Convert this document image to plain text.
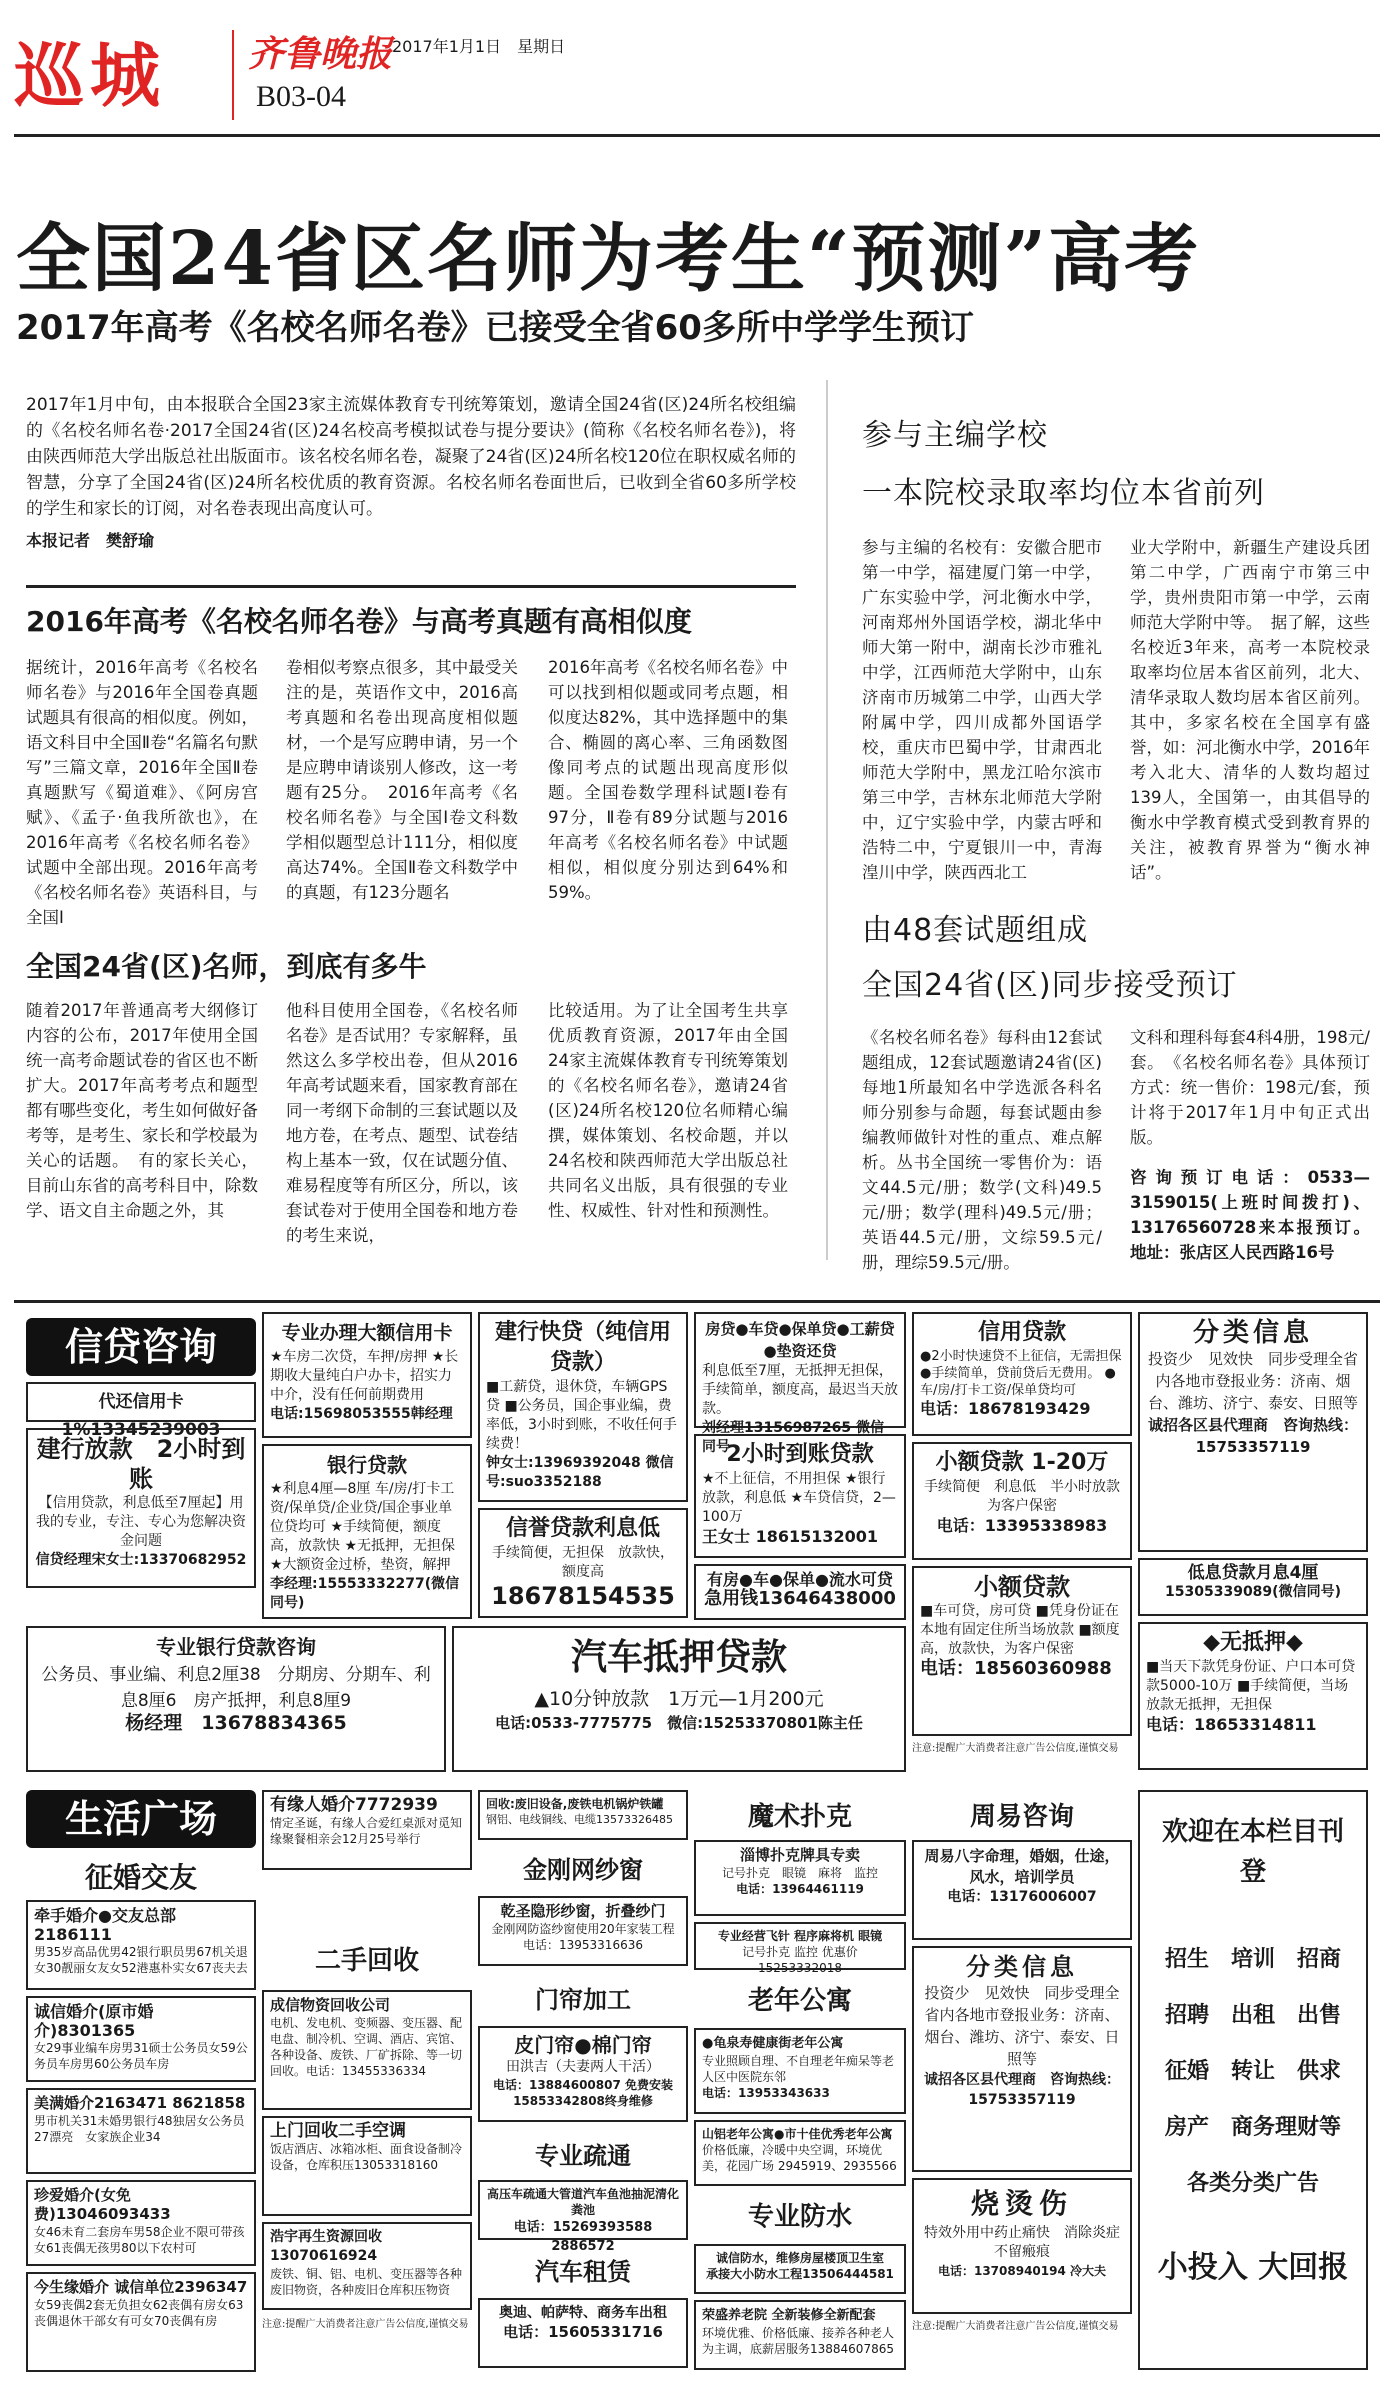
巡城 齐鲁晚报 2017年1月1日　星期日
B03-04
全国24省区名师为考生“预测”高考
2017年高考《名校名师名卷》已接受全省60多所中学学生预订
2017年1月中旬，由本报联合全国23家主流媒体教育专刊统筹策划，邀请全国24省(区)24所名校组编的《名校名师名卷·2017全国24省(区)24名校高考模拟试卷与提分要诀》(简称《名校名师名卷》)，将由陕西师范大学出版总社出版面市。该名校名师名卷，凝聚了24省(区)24所名校120位在职权威名师的智慧，分享了全国24省(区)24所名校优质的教育资源。名校名师名卷面世后，已收到全省60多所学校的学生和家长的订阅，对名卷表现出高度认可。
本报记者　樊舒瑜
2016年高考《名校名师名卷》与高考真题有高相似度
据统计，2016年高考《名校名师名卷》与2016年全国卷真题试题具有很高的相似度。例如，语文科目中全国Ⅱ卷“名篇名句默写”三篇文章，2016年全国Ⅱ卷真题默写《蜀道难》、《阿房宫赋》、《孟子·鱼我所欲也》，在2016年高考《名校名师名卷》试题中全部出现。2016年高考《名校名师名卷》英语科目，与全国Ⅰ
卷相似考察点很多，其中最受关注的是，英语作文中，2016高考真题和名卷出现高度相似题材，一个是写应聘申请，另一个是应聘申请谈别人修改，这一考题有25分。　2016年高考《名校名师名卷》与全国Ⅰ卷文科数学相似题型总计111分，相似度高达74%。全国Ⅱ卷文科数学中的真题，有123分题名
2016年高考《名校名师名卷》中可以找到相似题或同考点题，相似度达82%，其中选择题中的集合、椭圆的离心率、三角函数图像同考点的试题出现高度形似题。全国卷数学理科试题Ⅰ卷有97分，Ⅱ卷有89分试题与2016年高考《名校名师名卷》中试题相似，相似度分别达到64%和59%。
全国24省(区)名师，到底有多牛
随着2017年普通高考大纲修订内容的公布，2017年使用全国统一高考命题试卷的省区也不断扩大。2017年高考考点和题型都有哪些变化，考生如何做好备考等，是考生、家长和学校最为关心的话题。　有的家长关心，目前山东省的高考科目中，除数学、语文自主命题之外，其
他科目使用全国卷，《名校名师名卷》是否试用？专家解释，虽然这么多学校出卷，但从2016年高考试题来看，国家教育部在同一考纲下命制的三套试题以及地方卷，在考点、题型、试卷结构上基本一致，仅在试题分值、难易程度等有所区分，所以，该套试卷对于使用全国卷和地方卷的考生来说，
比较适用。为了让全国考生共享优质教育资源，2017年由全国24家主流媒体教育专刊统筹策划的《名校名师名卷》，邀请24省(区)24所名校120位名师精心编撰，媒体策划、名校命题，并以24名校和陕西师范大学出版总社共同名义出版，具有很强的专业性、权威性、针对性和预测性。
参与主编学校
一本院校录取率均位本省前列
参与主编的名校有：安徽合肥市第一中学，福建厦门第一中学，广东实验中学，河北衡水中学，河南郑州外国语学校，湖北华中师大第一附中，湖南长沙市雅礼中学，江西师范大学附中，山东济南市历城第二中学，山西大学附属中学，四川成都外国语学校，重庆市巴蜀中学，甘肃西北师范大学附中，黑龙江哈尔滨市第三中学，吉林东北师范大学附中，辽宁实验中学，内蒙古呼和浩特二中，宁夏银川一中，青海湟川中学，陕西西北工
业大学附中，新疆生产建设兵团第二中学，广西南宁市第三中学，贵州贵阳市第一中学，云南师范大学附中等。　据了解，这些名校近3年来，高考一本院校录取率均位居本省区前列，北大、清华录取人数均居本省区前列。其中，多家名校在全国享有盛誉，如：河北衡水中学，2016年考入北大、清华的人数均超过139人，全国第一，由其倡导的衡水中学教育模式受到教育界的关注，被教育界誉为“衡水神话”。
由48套试题组成
全国24省(区)同步接受预订
《名校名师名卷》每科由12套试题组成，12套试题邀请24省(区)每地1所最知名中学选派各科名师分别参与命题，每套试题由参编教师做针对性的重点、难点解析。丛书全国统一零售价为：语文44.5元/册；数学(文科)49.5元/册；数学(理科)49.5元/册；英语44.5元/册，文综59.5元/册，理综59.5元/册。
文科和理科每套4科4册，198元/套。　《名校名师名卷》具体预订方式：统一售价：198元/套，预计将于2017年1月中旬正式出版。
咨询预订电话：0533—3159015(上班时间拨打)、13176560728来本报预订。地址：张店区人民西路16号
信贷咨询
代还信用卡1%13345239003
建行放款　2小时到账
【信用贷款，利息低至7厘起】用我的专业，专注、专心为您解决资金问题
信贷经理宋女士:13370682952
专业办理大额信用卡
★车房二次贷，车押/房押 ★长期收大量纯白户办卡，招实力中介，没有任何前期费用
电话:15698053555韩经理
银行贷款
★利息4厘—8厘 车/房/打卡工资/保单贷/企业贷/国企事业单位贷均可 ★手续简便，额度高，放款快 ★无抵押，无担保 ★大额资金过桥，垫资，解押
李经理:15553332277(微信同号)
建行快贷（纯信用贷款）
■工薪贷，退休贷，车辆GPS贷 ■公务员，国企事业编，费率低，3小时到账，不收任何手续费！
钟女士:13969392048 微信号:suo3352188
信誉贷款利息低
手续简便，无担保　放款快，额度高
18678154535
房贷●车贷●保单贷●工薪贷●垫资还贷
利息低至7厘，无抵押无担保，手续简单，额度高，最迟当天放款。
刘经理13156987265 微信同号
2小时到账贷款
★不上征信，不用担保 ★银行放款，利息低 ★车贷信贷，2—100万
王女士 18615132001
有房●车●保单●流水可贷
急用钱13646438000
信用贷款
●2小时快速贷不上征信，无需担保 ●手续简单，贷前贷后无费用。 ●车/房/打卡工资/保单贷均可
电话：18678193429
小额贷款 1-20万
手续简便　利息低　半小时放款　为客户保密
电话：13395338983
小额贷款
■车可贷，房可贷 ■凭身份证在本地有固定住所当场放款 ■额度高，放款快，为客户保密
电话：18560360988
分类信息
投资少　见效快　同步受理全省内各地市登报业务：济南、烟台、潍坊、济宁、泰安、日照等
诚招各区县代理商　咨询热线：15753357119
低息贷款月息4厘
15305339089(微信同号)
◆无抵押◆
■当天下款凭身份证、户口本可贷款5000-10万 ■手续简便，当场放款无抵押，无担保
电话：18653314811
专业银行贷款咨询
公务员、事业编、利息2厘38　分期房、分期车、利息8厘6　房产抵押，利息8厘9
杨经理　13678834365
汽车抵押贷款
▲10分钟放款　1万元—1月200元
电话:0533-7775775　微信:15253370801陈主任
注意:提醒广大消费者注意广告公信度,谨慎交易
生活广场
征婚交友
牵手婚介●交友总部2186111
男35岁高品优男42银行职员男67机关退女30靓丽女友女52港惠朴实女67丧夫去
诚信婚介(原市婚介)8301365
女29事业编车房男31硕士公务员女59公务员车房男60公务员车房
美满婚介2163471 8621858
男市机关31未婚男银行48独居女公务员27漂亮　女家族企业34
珍爱婚介(女免费)13046093433
女46未育二套房车男58企业不限可带孩女61丧偶无孩男80以下农村可
今生缘婚介 诚信单位2396347
女59丧偶2套无负担女62丧偶有房女63丧偶退休干部女有可女70丧偶有房
有缘人婚介7772939
情定圣诞，有缘人合爱红桌派对觅知缘聚餐相亲会12月25号举行
二手回收
成信物资回收公司
电机、发电机、变频器、变压器、配电盘、制冷机、空调、酒店、宾馆、各种设备、废铁、厂矿拆除、等一切回收。电话：13455336334
上门回收二手空调
饭店酒店、冰箱冰柜、面食设备制冷设备，仓库积压13053318160
浩宇再生资源回收13070616924
废铁、铜、铝、电机、变压器等各种废旧物资，各种废旧仓库积压物资
注意:提醒广大消费者注意广告公信度,谨慎交易
回收:废旧设备,废铁电机锅炉铁罐
钢铝、电线铜线、电缆13573326485
金刚网纱窗
乾圣隐形纱窗，折叠纱门
金刚网防盗纱窗使用20年家装工程电话：13953316636
门帘加工
皮门帘●棉门帘
田洪吉（夫妻两人干活）
电话：13884600807 免费安装15853342808终身维修
专业疏通
高压车疏通大管道汽车鱼池抽泥清化粪池
电话：15269393588 2886572
汽车租赁
奥迪、帕萨特、商务车出租
电话：15605331716
魔术扑克
淄博扑克牌具专卖
记号扑克　眼镜　麻将　监控
电话：13964461119
专业经营飞针 程序麻将机 眼镜
记号扑克 监控 优惠价15253332018
老年公寓
●龟泉寿健康街老年公寓
专业照顾自理、不自理老年痴呆等老人区中医院东邻
电话：13953343633
山铝老年公寓●市十佳优秀老年公寓
价格低廉，冷暖中央空调，环境优美，花园广场 2945919、2935566
专业防水
诚信防水，维修房屋楼顶卫生室
承接大小防水工程13506444581
荣盛养老院 全新装修全新配套
环境优雅、价格低廉、接养各种老人为主调，底薪居服务13884607865
周易咨询
周易八字命理，婚姻，仕途，风水，培训学员
电话：13176006007
分类信息
投资少　见效快　同步受理全省内各地市登报业务：济南、烟台、潍坊、济宁、泰安、日照等
诚招各区县代理商　咨询热线：15753357119
烧烫伤
特效外用中药止痛快　消除炎症　不留瘢痕
电话：13708940194 冷大夫
注意:提醒广大消费者注意广告公信度,谨慎交易
欢迎在本栏目刊登
招生　培训　招商　招聘　出租　出售　征婚　转让　供求　房产　商务理财等　各类分类广告
小投入 大回报
